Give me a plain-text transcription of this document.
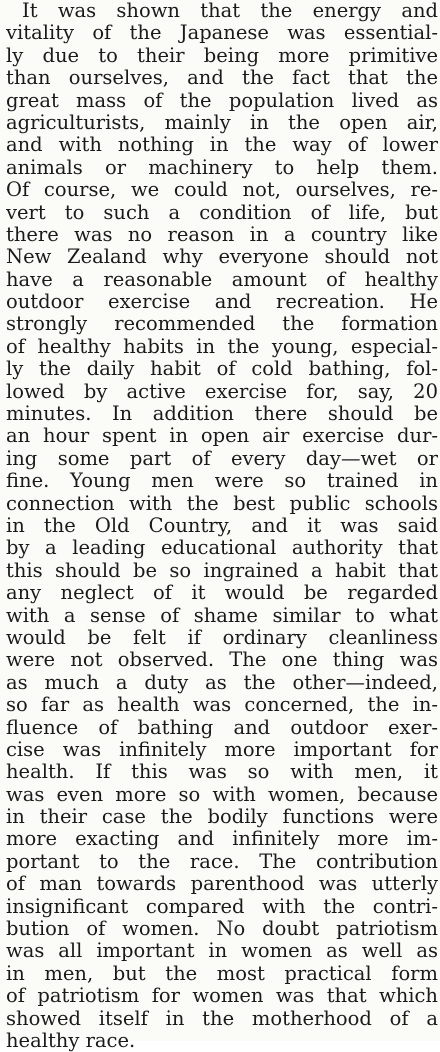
It was shown that the energy and
vitality of the Japanese was essential-
ly due to their being more primitive
than ourselves, and the fact that the
great mass of the population lived as
agriculturists, mainly in the open air,
and with nothing in the way of lower
animals or machinery to help them.
Of course, we could not, ourselves, re-
vert to such a condition of life, but
there was no reason in a country like
New Zealand why everyone should not
have a reasonable amount of healthy
outdoor exercise and recreation. He
strongly recommended the formation
of healthy habits in the young, especial-
ly the daily habit of cold bathing, fol-
lowed by active exercise for, say, 20
minutes. In addition there should be
an hour spent in open air exercise dur-
ing some part of every day—wet or
fine. Young men were so trained in
connection with the best public schools
in the Old Country, and it was said
by a leading educational authority that
this should be so ingrained a habit that
any neglect of it would be regarded
with a sense of shame similar to what
would be felt if ordinary cleanliness
were not observed. The one thing was
as much a duty as the other—indeed,
so far as health was concerned, the in-
fluence of bathing and outdoor exer-
cise was infinitely more important for
health. If this was so with men, it
was even more so with women, because
in their case the bodily functions were
more exacting and infinitely more im-
portant to the race. The contribution
of man towards parenthood was utterly
insignificant compared with the contri-
bution of women. No doubt patriotism
was all important in women as well as
in men, but the most practical form
of patriotism for women was that which
showed itself in the motherhood of a
healthy race.
